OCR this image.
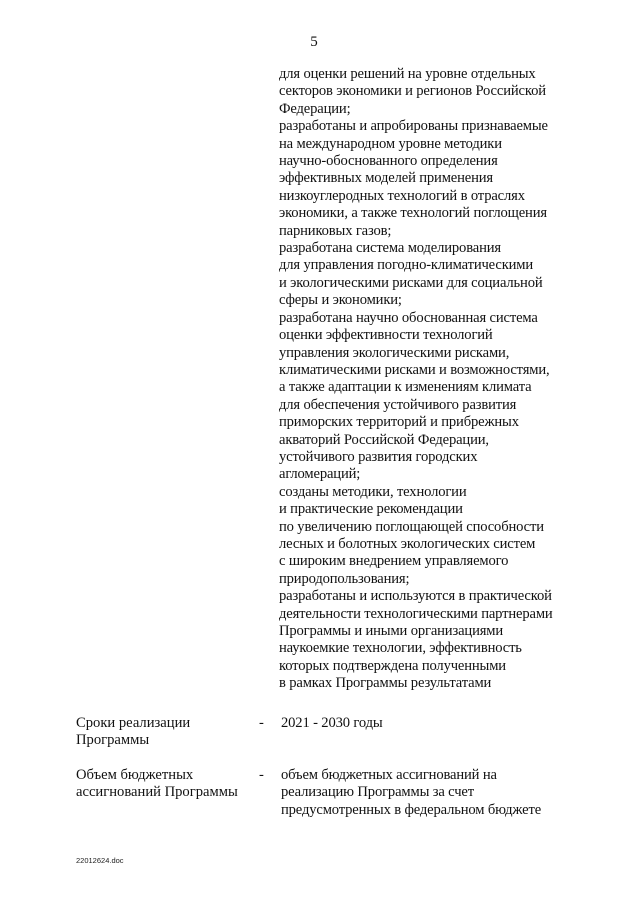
5
для оценки решений на уровне отдельных
секторов экономики и регионов Российской
Федерации;
разработаны и апробированы признаваемые
на международном уровне методики
научно-обоснованного определения
эффективных моделей применения
низкоуглеродных технологий в отраслях
экономики, а также технологий поглощения
парниковых газов;
разработана система моделирования
для управления погодно-климатическими
и экологическими рисками для социальной
сферы и экономики;
разработана научно обоснованная система
оценки эффективности технологий
управления экологическими рисками,
климатическими рисками и возможностями,
а также адаптации к изменениям климата
для обеспечения устойчивого развития
приморских территорий и прибрежных
акваторий Российской Федерации,
устойчивого развития городских
агломераций;
созданы методики, технологии
и практические рекомендации
по увеличению поглощающей способности
лесных и болотных экологических систем
с широким внедрением управляемого
природопользования;
разработаны и используются в практической
деятельности технологическими партнерами
Программы и иными организациями
наукоемкие технологии, эффективность
которых подтверждена полученными
в рамках Программы результатами
Сроки реализации
Программы
- 2021 - 2030 годы
Объем бюджетных
ассигнований Программы
- объем бюджетных ассигнований на
реализацию Программы за счет
предусмотренных в федеральном бюджете
22012624.doc
